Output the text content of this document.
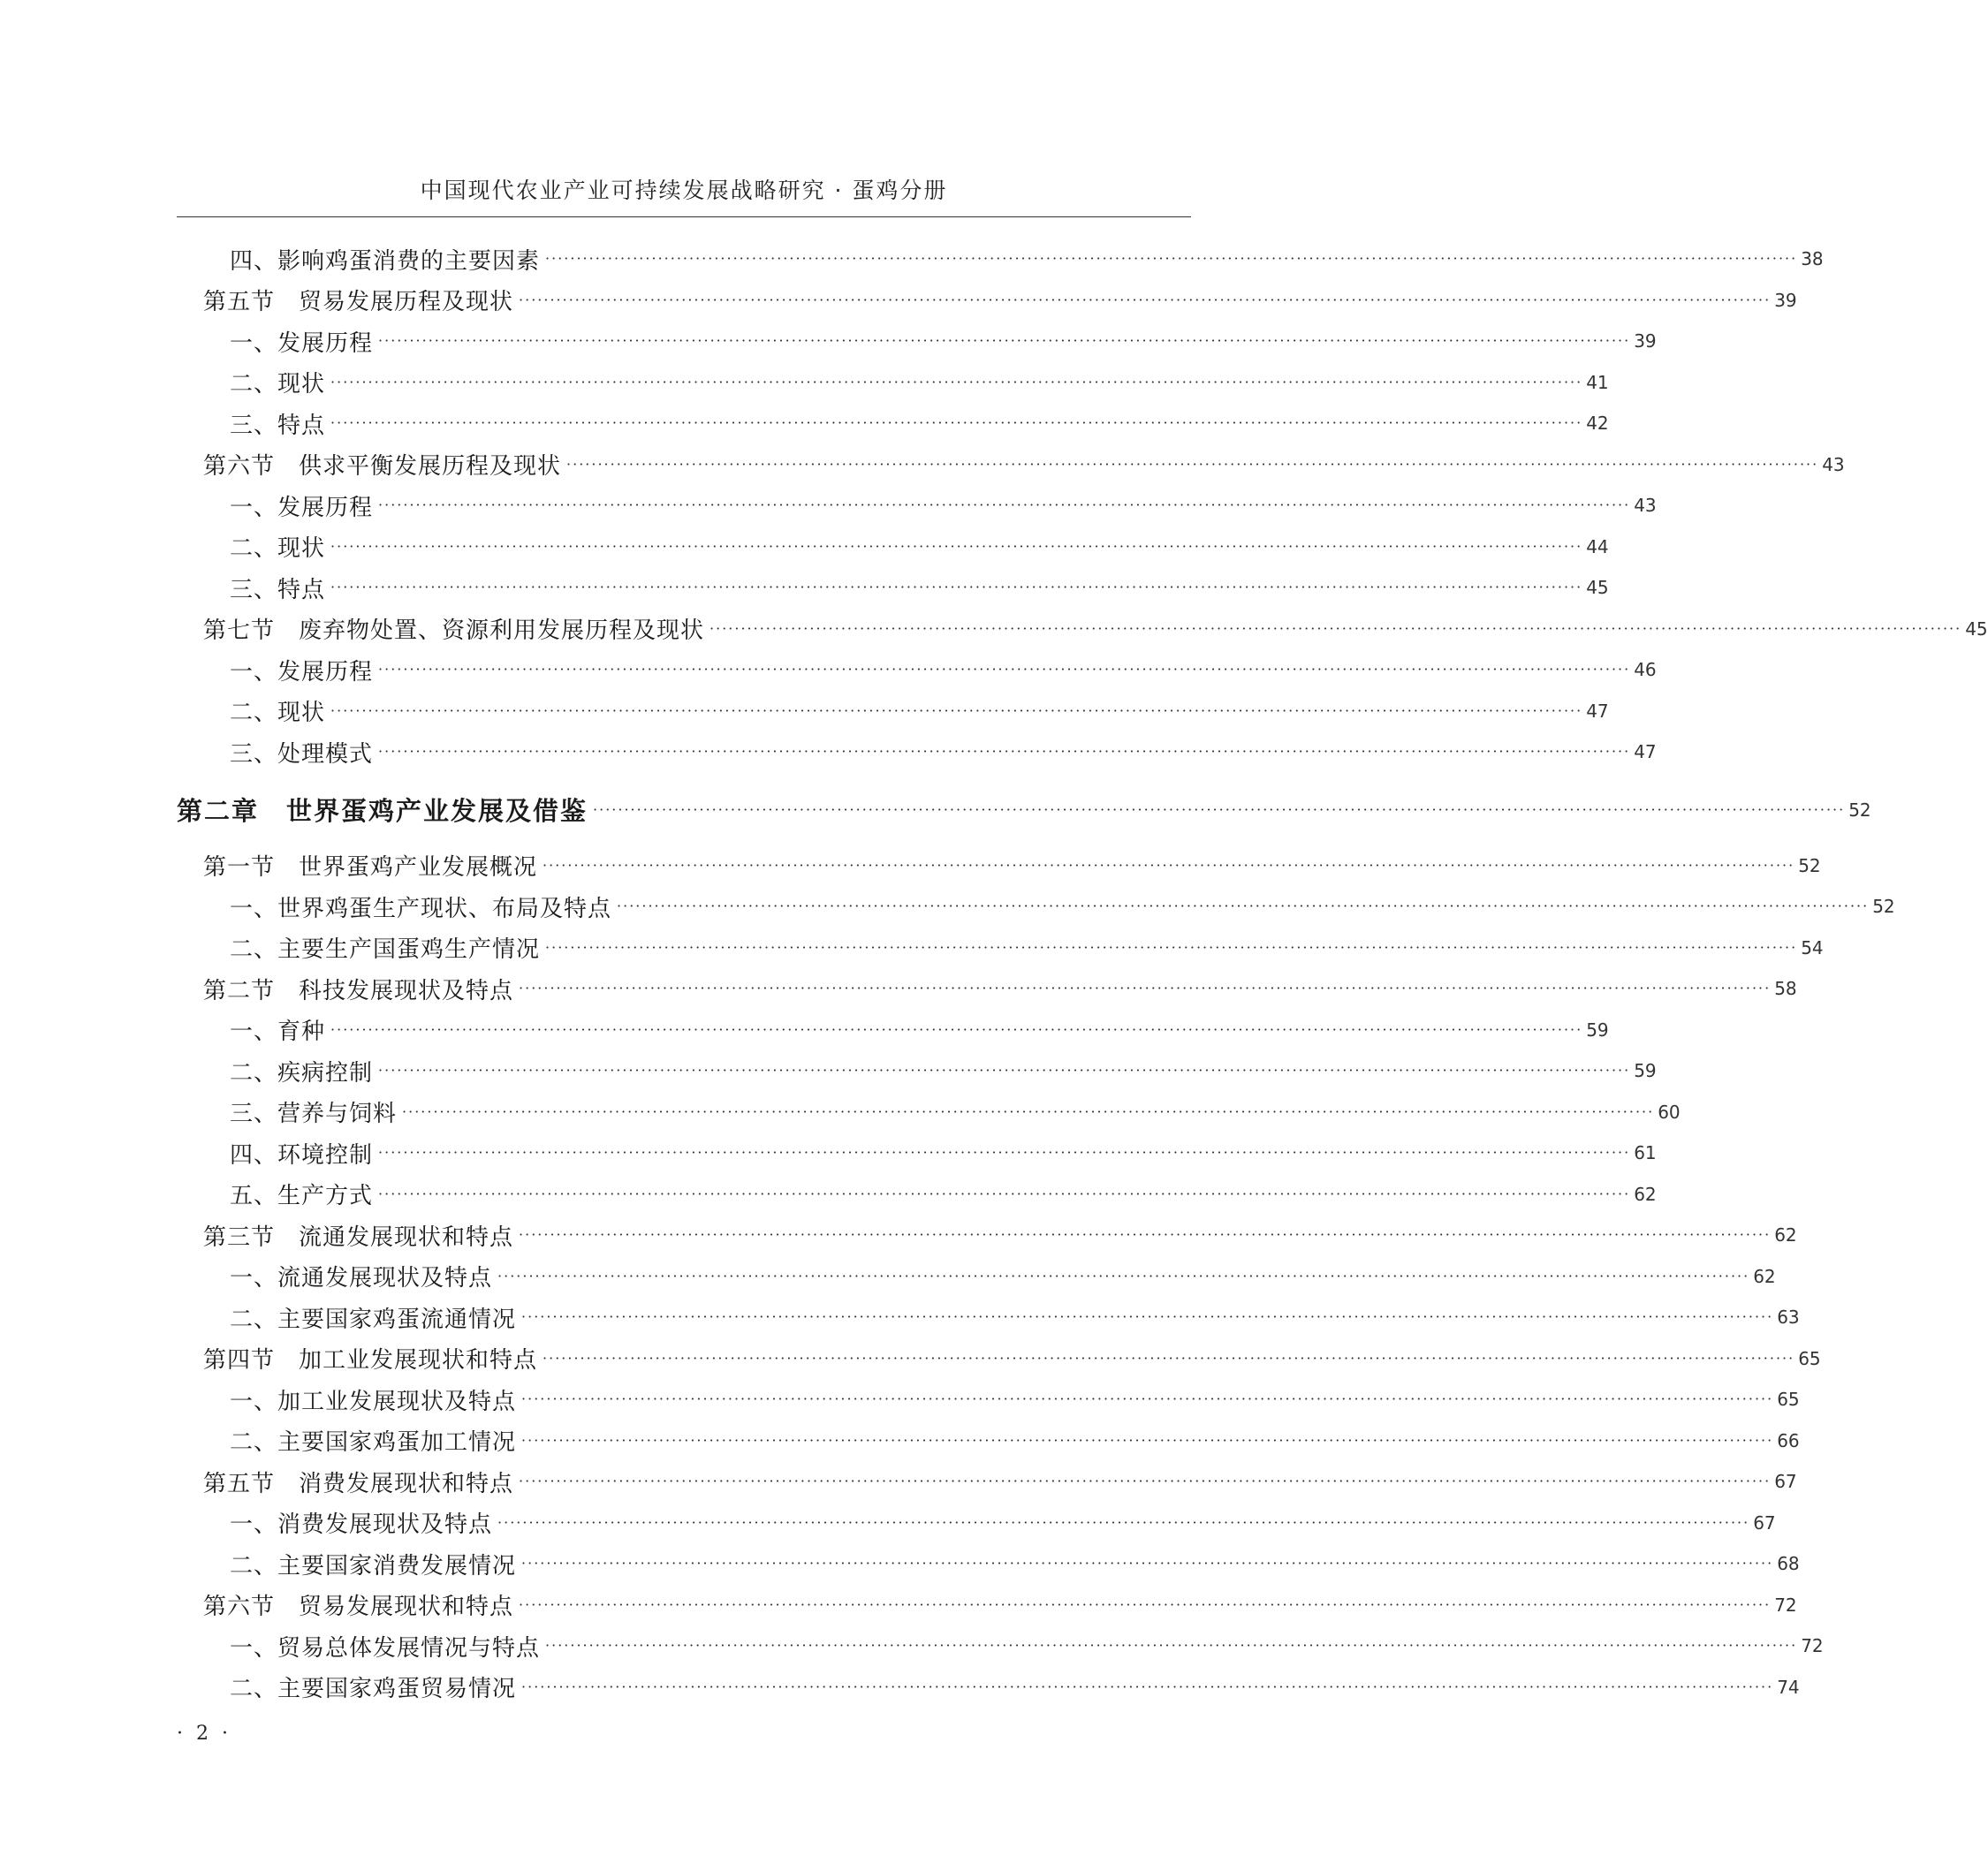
中国现代农业产业可持续发展战略研究 · 蛋鸡分册
四、影响鸡蛋消费的主要因素 ········································································································································································································ 38
第五节　贸易发展历程及现状 ········································································································································································································ 39
一、发展历程 ········································································································································································································ 39
二、现状 ········································································································································································································ 41
三、特点 ········································································································································································································ 42
第六节　供求平衡发展历程及现状 ········································································································································································································ 43
一、发展历程 ········································································································································································································ 43
二、现状 ········································································································································································································ 44
三、特点 ········································································································································································································ 45
第七节　废弃物处置、资源利用发展历程及现状 ········································································································································································································ 45
一、发展历程 ········································································································································································································ 46
二、现状 ········································································································································································································ 47
三、处理模式 ········································································································································································································ 47
第二章　世界蛋鸡产业发展及借鉴 ········································································································································································································ 52
第一节　世界蛋鸡产业发展概况 ········································································································································································································ 52
一、世界鸡蛋生产现状、布局及特点 ········································································································································································································ 52
二、主要生产国蛋鸡生产情况 ········································································································································································································ 54
第二节　科技发展现状及特点 ········································································································································································································ 58
一、育种 ········································································································································································································ 59
二、疾病控制 ········································································································································································································ 59
三、营养与饲料 ········································································································································································································ 60
四、环境控制 ········································································································································································································ 61
五、生产方式 ········································································································································································································ 62
第三节　流通发展现状和特点 ········································································································································································································ 62
一、流通发展现状及特点 ········································································································································································································ 62
二、主要国家鸡蛋流通情况 ········································································································································································································ 63
第四节　加工业发展现状和特点 ········································································································································································································ 65
一、加工业发展现状及特点 ········································································································································································································ 65
二、主要国家鸡蛋加工情况 ········································································································································································································ 66
第五节　消费发展现状和特点 ········································································································································································································ 67
一、消费发展现状及特点 ········································································································································································································ 67
二、主要国家消费发展情况 ········································································································································································································ 68
第六节　贸易发展现状和特点 ········································································································································································································ 72
一、贸易总体发展情况与特点 ········································································································································································································ 72
二、主要国家鸡蛋贸易情况 ········································································································································································································ 74
· 2 ·
